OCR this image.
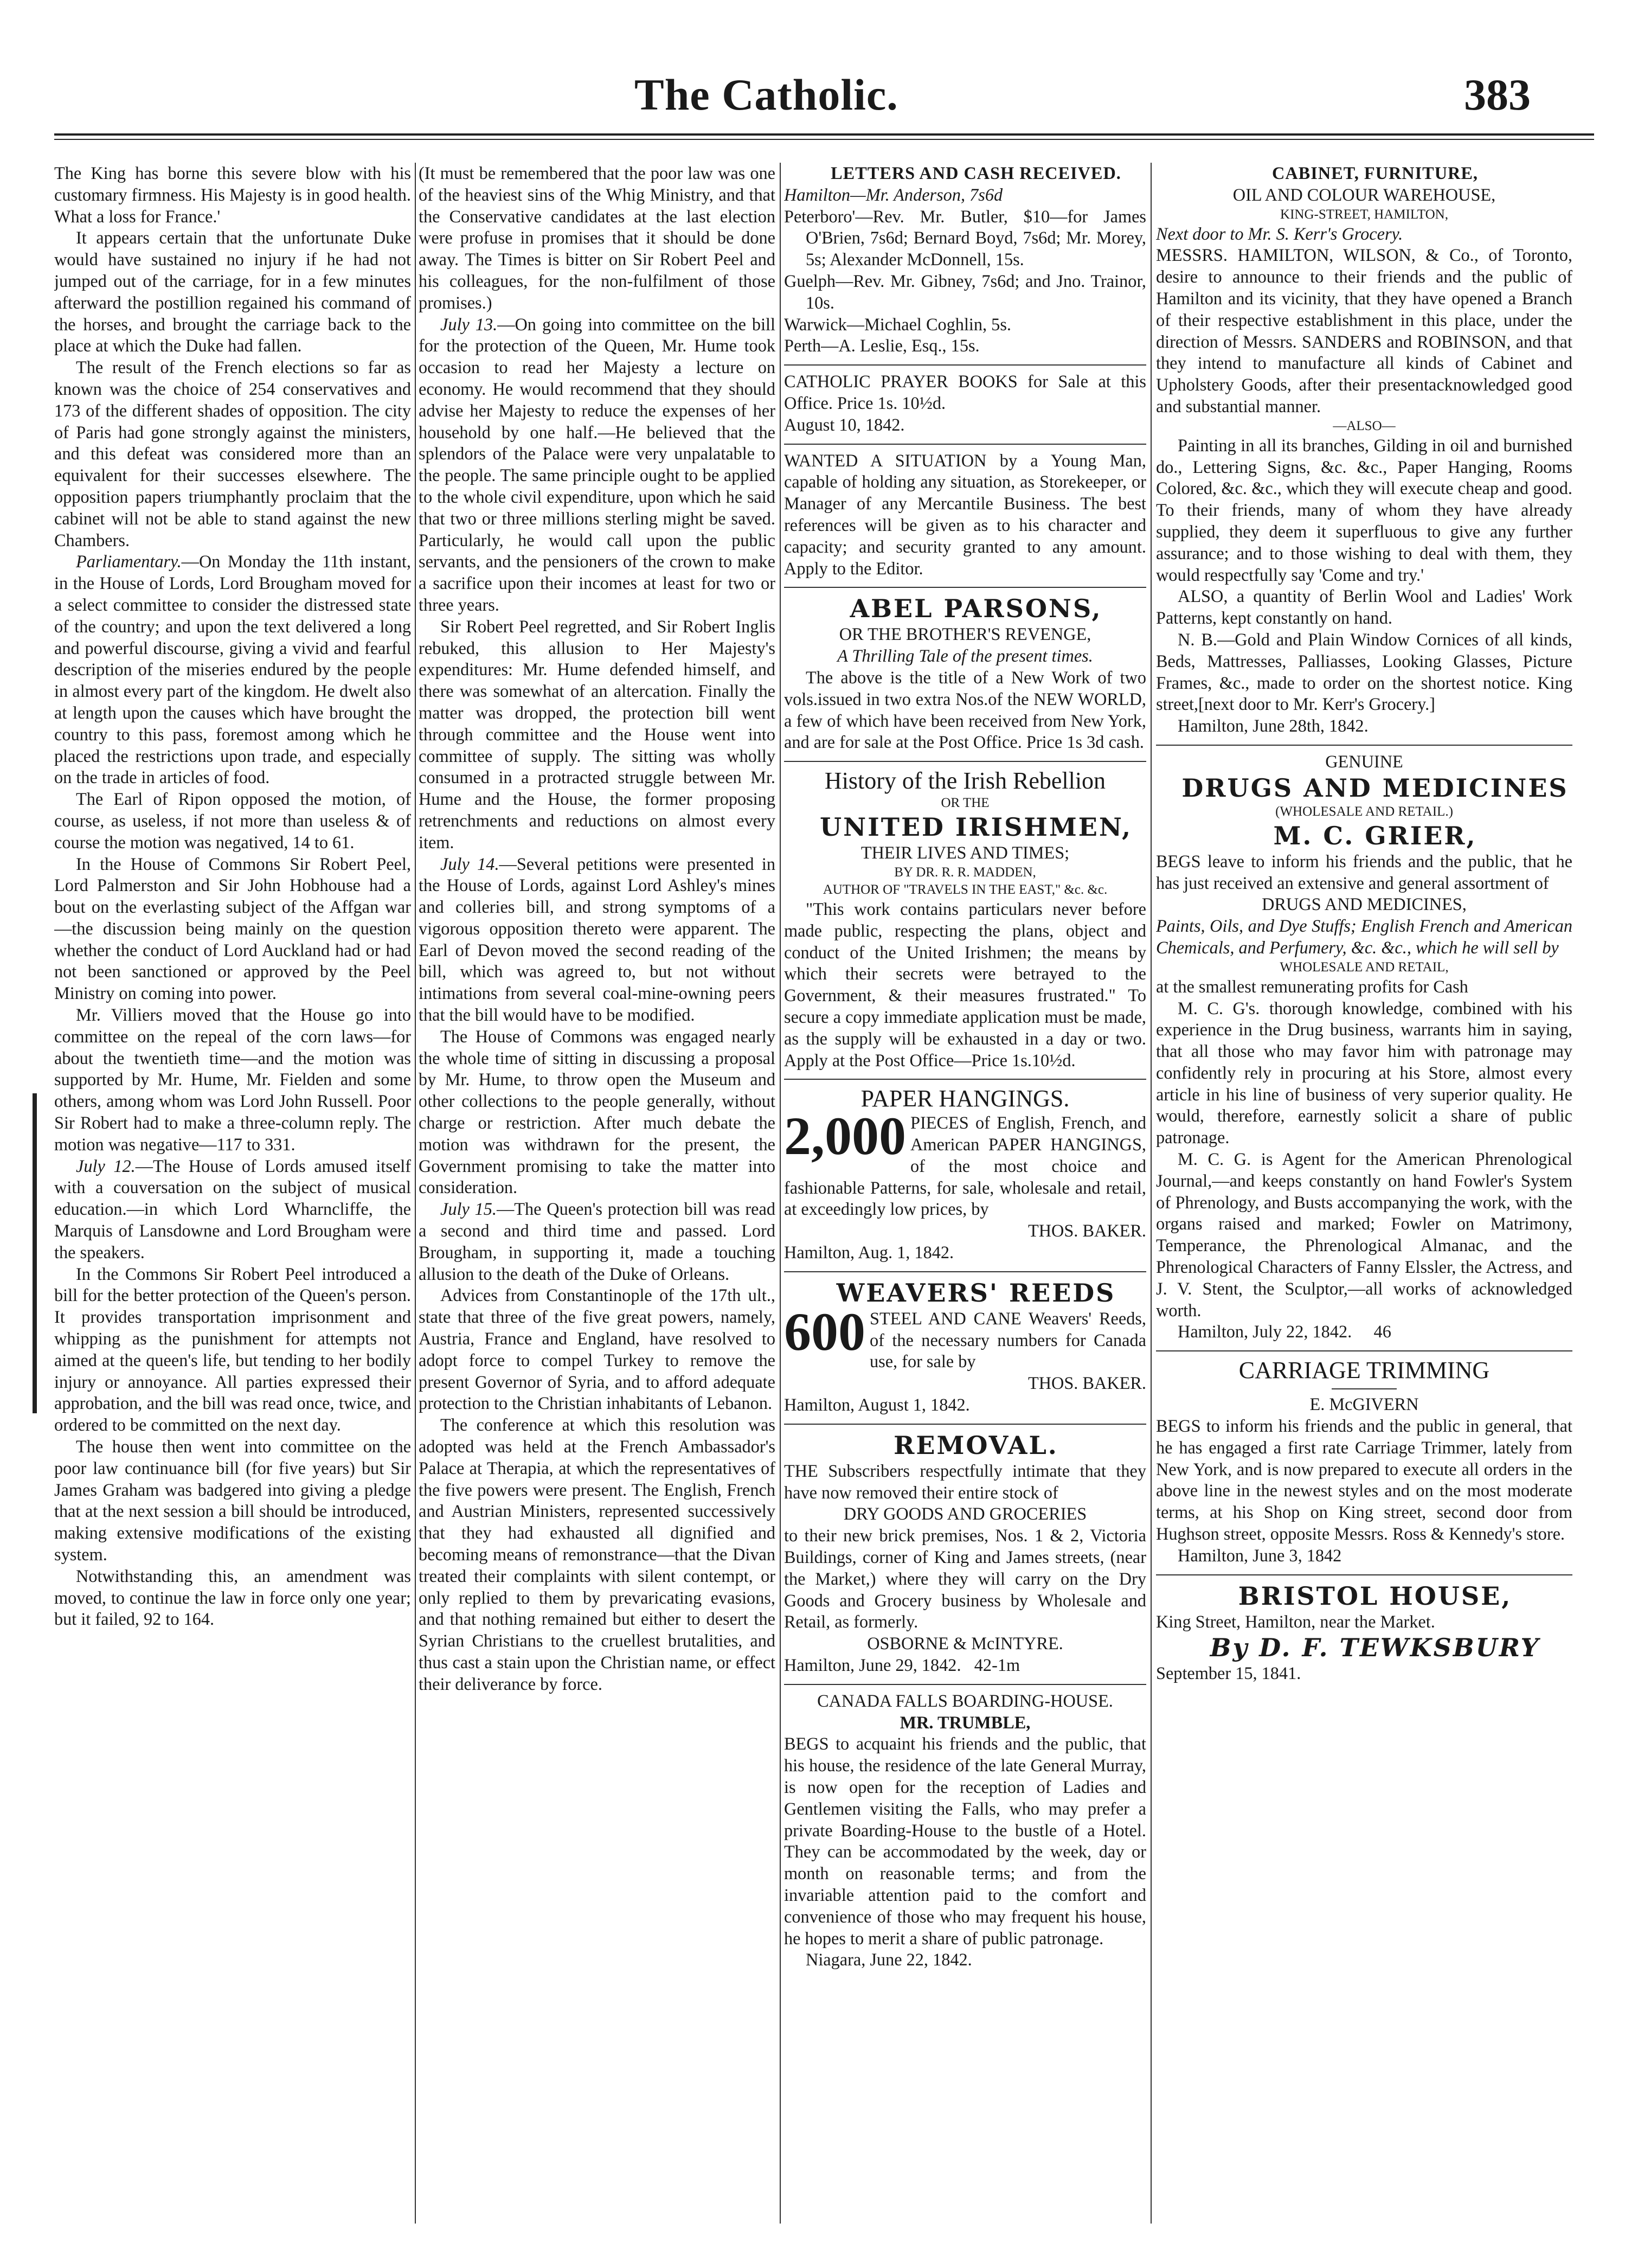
The Catholic.	383

The King has borne this severe blow with his customary firmness. His Majesty is in good health. What a loss for France.'

It appears certain that the unfortunate Duke would have sustained no injury if he had not jumped out of the carriage, for in a few minutes afterward the postillion regained his command of the horses, and brought the carriage back to the place at which the Duke had fallen.

The result of the French elections so far as known was the choice of 254 conservatives and 173 of the different shades of opposition. The city of Paris had gone strongly against the ministers, and this defeat was considered more than an equivalent for their successes elsewhere. The opposition papers triumphantly proclaim that the cabinet will not be able to stand against the new Chambers.

Parliamentary.—On Monday the 11th instant, in the House of Lords, Lord Brougham moved for a select committee to consider the distressed state of the country; and upon the text delivered a long and powerful discourse, giving a vivid and fearful description of the miseries endured by the people in almost every part of the kingdom. He dwelt also at length upon the causes which have brought the country to this pass, foremost among which he placed the restrictions upon trade, and especially on the trade in articles of food.

The Earl of Ripon opposed the motion, of course, as useless, if not more than useless & of course the motion was negatived, 14 to 61.

In the House of Commons Sir Robert Peel, Lord Palmerston and Sir John Hobhouse had a bout on the everlasting subject of the Affgan war—the discussion being mainly on the question whether the conduct of Lord Auckland had or had not been sanctioned or approved by the Peel Ministry on coming into power.

Mr. Villiers moved that the House go into committee on the repeal of the corn laws—for about the twentieth time—and the motion was supported by Mr. Hume, Mr. Fielden and some others, among whom was Lord John Russell. Poor Sir Robert had to make a three-column reply. The motion was negative—117 to 331.

July 12.—The House of Lords amused itself with a couversation on the subject of musical education.—in which Lord Wharncliffe, the Marquis of Lansdowne and Lord Brougham were the speakers.

In the Commons Sir Robert Peel introduced a bill for the better protection of the Queen's person. It provides transportation imprisonment and whipping as the punishment for attempts not aimed at the queen's life, but tending to her bodily injury or annoyance. All parties expressed their approbation, and the bill was read once, twice, and ordered to be committed on the next day.

The house then went into committee on the poor law continuance bill (for five years) but Sir James Graham was badgered into giving a pledge that at the next session a bill should be introduced, making extensive modifications of the existing system.

Notwithstanding this, an amendment was moved, to continue the law in force only one year; but it failed, 92 to 164.

(It must be remembered that the poor law was one of the heaviest sins of the Whig Ministry, and that the Conservative candidates at the last election were profuse in promises that it should be done away. The Times is bitter on Sir Robert Peel and his colleagues, for the non-fulfilment of those promises.)

July 13.—On going into committee on the bill for the protection of the Queen, Mr. Hume took occasion to read her Majesty a lecture on economy. He would recommend that they should advise her Majesty to reduce the expenses of her household by one half.—He believed that the splendors of the Palace were very unpalatable to the people. The same principle ought to be applied to the whole civil expenditure, upon which he said that two or three millions sterling might be saved. Particularly, he would call upon the public servants, and the pensioners of the crown to make a sacrifice upon their incomes at least for two or three years.

Sir Robert Peel regretted, and Sir Robert Inglis rebuked, this allusion to Her Majesty's expenditures: Mr. Hume defended himself, and there was somewhat of an altercation. Finally the matter was dropped, the protection bill went through committee and the House went into committee of supply. The sitting was wholly consumed in a protracted struggle between Mr. Hume and the House, the former proposing retrenchments and reductions on almost every item.

July 14.—Several petitions were presented in the House of Lords, against Lord Ashley's mines and colleries bill, and strong symptoms of a vigorous opposition thereto were apparent. The Earl of Devon moved the second reading of the bill, which was agreed to, but not without intimations from several coal-mine-owning peers that the bill would have to be modified.

The House of Commons was engaged nearly the whole time of sitting in discussing a proposal by Mr. Hume, to throw open the Museum and other collections to the people generally, without charge or restriction. After much debate the motion was withdrawn for the present, the Government promising to take the matter into consideration.

July 15.—The Queen's protection bill was read a second and third time and passed. Lord Brougham, in supporting it, made a touching allusion to the death of the Duke of Orleans.

Advices from Constantinople of the 17th ult., state that three of the five great powers, namely, Austria, France and England, have resolved to adopt force to compel Turkey to remove the present Governor of Syria, and to afford adequate protection to the Christian inhabitants of Lebanon.

The conference at which this resolution was adopted was held at the French Ambassador's Palace at Therapia, at which the representatives of the five powers were present. The English, French and Austrian Ministers, represented successively that they had exhausted all dignified and becoming means of remonstrance—that the Divan treated their complaints with silent contempt, or only replied to them by prevaricating evasions, and that nothing remained but either to desert the Syrian Christians to the cruellest brutalities, and thus cast a stain upon the Christian name, or effect their deliverance by force.

LETTERS AND CASH RECEIVED.

Hamilton—Mr. Anderson, 7s6d

Peterboro'—Rev. Mr. Butler, $10—for James O'Brien, 7s6d; Bernard Boyd, 7s6d; Mr. Morey, 5s; Alexander McDonnell, 15s.

Guelph—Rev. Mr. Gibney, 7s6d; and Jno. Trainor, 10s.

Warwick—Michael Coghlin, 5s.

Perth—A. Leslie, Esq., 15s.

CATHOLIC PRAYER BOOKS for Sale at this Office. Price 1s. 10½d.

August 10, 1842.

WANTED A SITUATION by a Young Man, capable of holding any situation, as Storekeeper, or Manager of any Mercantile Business. The best references will be given as to his character and capacity; and security granted to any amount. Apply to the Editor.

ABEL PARSONS,

OR THE BROTHER'S REVENGE,

A Thrilling Tale of the present times.

The above is the title of a New Work of two vols.issued in two extra Nos.of the NEW WORLD, a few of which have been received from New York, and are for sale at the Post Office. Price 1s 3d cash.

History of the Irish Rebellion

OR THE

UNITED IRISHMEN,

THEIR LIVES AND TIMES;

BY DR. R. R. MADDEN,

AUTHOR OF "TRAVELS IN THE EAST," &c. &c.

"This work contains particulars never before made public, respecting the plans, object and conduct of the United Irishmen; the means by which their secrets were betrayed to the Government, & their measures frustrated." To secure a copy immediate application must be made, as the supply will be exhausted in a day or two. Apply at the Post Office—Price 1s.10½d.

PAPER HANGINGS.

2,000 PIECES of English, French, and American PAPER HANGINGS, of the most choice and fashionable Patterns, for sale, wholesale and retail, at exceedingly low prices, by

THOS. BAKER.

Hamilton, Aug. 1, 1842.

WEAVERS' REEDS

600 STEEL AND CANE Weavers' Reeds, of the necessary numbers for Canada use, for sale by

THOS. BAKER.

Hamilton, August 1, 1842.

REMOVAL.

THE Subscribers respectfully intimate that they have now removed their entire stock of

DRY GOODS AND GROCERIES

to their new brick premises, Nos. 1 & 2, Victoria Buildings, corner of King and James streets, (near the Market,) where they will carry on the Dry Goods and Grocery business by Wholesale and Retail, as formerly.

OSBORNE & McINTYRE.

Hamilton, June 29, 1842. 42-1m

CANADA FALLS BOARDING-HOUSE.

MR. TRUMBLE,

BEGS to acquaint his friends and the public, that his house, the residence of the late General Murray, is now open for the reception of Ladies and Gentlemen visiting the Falls, who may prefer a private Boarding-House to the bustle of a Hotel. They can be accommodated by the week, day or month on reasonable terms; and from the invariable attention paid to the comfort and convenience of those who may frequent his house, he hopes to merit a share of public patronage.

Niagara, June 22, 1842.

CABINET, FURNITURE,

OIL AND COLOUR WAREHOUSE,

KING-STREET, HAMILTON,

Next door to Mr. S. Kerr's Grocery.

MESSRS. HAMILTON, WILSON, & Co., of Toronto, desire to announce to their friends and the public of Hamilton and its vicinity, that they have opened a Branch of their respective establishment in this place, under the direction of Messrs. SANDERS and ROBINSON, and that they intend to manufacture all kinds of Cabinet and Upholstery Goods, after their presentacknowledged good and substantial manner.

—ALSO—

Painting in all its branches, Gilding in oil and burnished do., Lettering Signs, &c. &c., Paper Hanging, Rooms Colored, &c. &c., which they will execute cheap and good. To their friends, many of whom they have already supplied, they deem it superfluous to give any further assurance; and to those wishing to deal with them, they would respectfully say 'Come and try.'

ALSO, a quantity of Berlin Wool and Ladies' Work Patterns, kept constantly on hand.

N. B.—Gold and Plain Window Cornices of all kinds, Beds, Mattresses, Palliasses, Looking Glasses, Picture Frames, &c., made to order on the shortest notice. King street,[next door to Mr. Kerr's Grocery.]

Hamilton, June 28th, 1842.

GENUINE

DRUGS AND MEDICINES

(WHOLESALE AND RETAIL.)

M. C. GRIER,

BEGS leave to inform his friends and the public, that he has just received an extensive and general assortment of

DRUGS AND MEDICINES,

Paints, Oils, and Dye Stuffs; English French and American Chemicals, and Perfumery, &c. &c., which he will sell by

WHOLESALE AND RETAIL,

at the smallest remunerating profits for Cash

M. C. G's. thorough knowledge, combined with his experience in the Drug business, warrants him in saying, that all those who may favor him with patronage may confidently rely in procuring at his Store, almost every article in his line of business of very superior quality. He would, therefore, earnestly solicit a share of public patronage.

M. C. G. is Agent for the American Phrenological Journal,—and keeps constantly on hand Fowler's System of Phrenology, and Busts accompanying the work, with the organs raised and marked; Fowler on Matrimony, Temperance, the Phrenological Almanac, and the Phrenological Characters of Fanny Elssler, the Actress, and J. V. Stent, the Sculptor,—all works of acknowledged worth.

Hamilton, July 22, 1842. 46

CARRIAGE TRIMMING

E. McGIVERN

BEGS to inform his friends and the public in general, that he has engaged a first rate Carriage Trimmer, lately from New York, and is now prepared to execute all orders in the above line in the newest styles and on the most moderate terms, at his Shop on King street, second door from Hughson street, opposite Messrs. Ross & Kennedy's store.

Hamilton, June 3, 1842

BRISTOL HOUSE,

King Street, Hamilton, near the Market.

By D. F. TEWKSBURY

September 15, 1841.
